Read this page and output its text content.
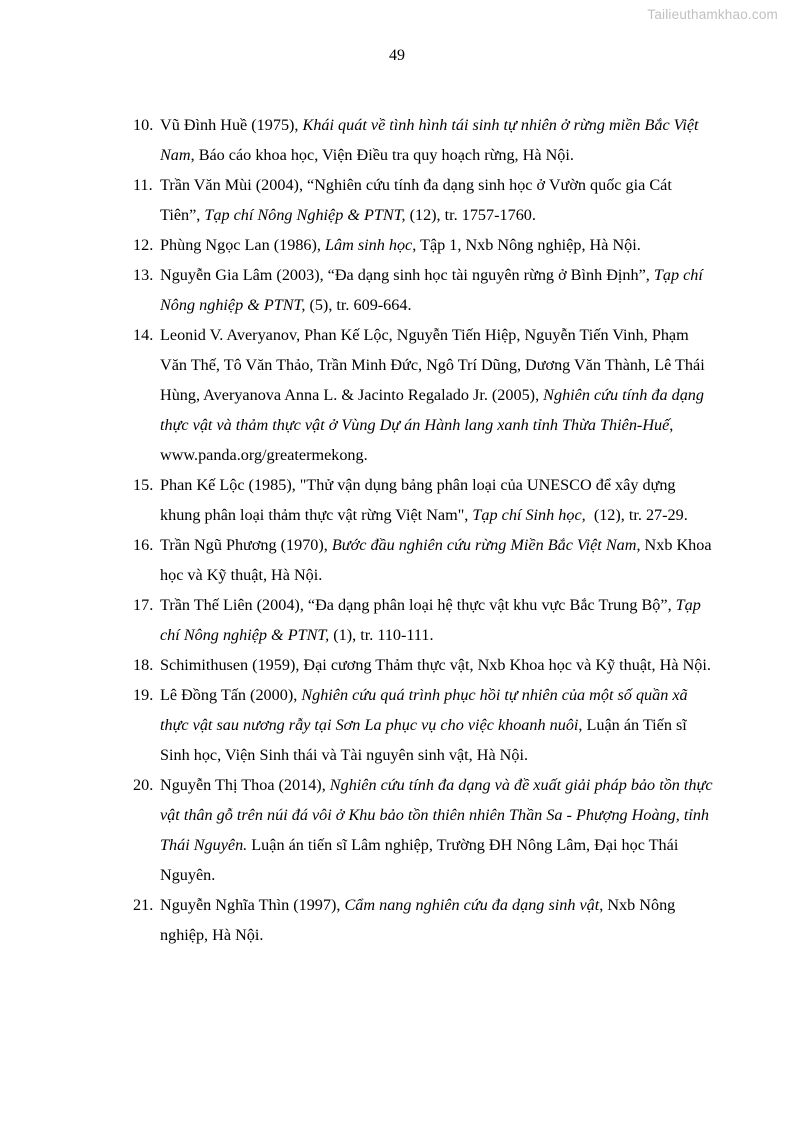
Tailieuthamkhao.com
49
10. Vũ Đình Huề (1975), Khái quát về tình hình tái sinh tự nhiên ở rừng miền Bắc Việt Nam, Báo cáo khoa học, Viện Điều tra quy hoạch rừng, Hà Nội.
11. Trần Văn Mùi (2004), “Nghiên cứu tính đa dạng sinh học ở Vườn quốc gia Cát Tiên”, Tạp chí Nông Nghiệp & PTNT, (12), tr. 1757-1760.
12. Phùng Ngọc Lan (1986), Lâm sinh học, Tập 1, Nxb Nông nghiệp, Hà Nội.
13. Nguyễn Gia Lâm (2003), “Đa dạng sinh học tài nguyên rừng ở Bình Định”, Tạp chí Nông nghiệp & PTNT, (5), tr. 609-664.
14. Leonid V. Averyanov, Phan Kế Lộc, Nguyễn Tiến Hiệp, Nguyễn Tiến Vinh, Phạm Văn Thế, Tô Văn Thảo, Trần Minh Đức, Ngô Trí Dũng, Dương Văn Thành, Lê Thái Hùng, Averyanova Anna L. & Jacinto Regalado Jr. (2005), Nghiên cứu tính đa dạng thực vật và thảm thực vật ở Vùng Dự án Hành lang xanh tỉnh Thừa Thiên-Huế, www.panda.org/greatermekong.
15. Phan Kế Lộc (1985), "Thử vận dụng bảng phân loại của UNESCO để xây dựng khung phân loại thảm thực vật rừng Việt Nam", Tạp chí Sinh học,  (12), tr. 27-29.
16. Trần Ngũ Phương (1970), Bước đầu nghiên cứu rừng Miền Bắc Việt Nam, Nxb Khoa học và Kỹ thuật, Hà Nội.
17. Trần Thế Liên (2004), “Đa dạng phân loại hệ thực vật khu vực Bắc Trung Bộ”, Tạp chí Nông nghiệp & PTNT, (1), tr. 110-111.
18. Schimithusen (1959), Đại cương Thảm thực vật, Nxb Khoa học và Kỹ thuật, Hà Nội.
19. Lê Đồng Tấn (2000), Nghiên cứu quá trình phục hồi tự nhiên của một số quần xã thực vật sau nương rẫy tại Sơn La phục vụ cho việc khoanh nuôi, Luận án Tiến sĩ Sinh học, Viện Sinh thái và Tài nguyên sinh vật, Hà Nội.
20. Nguyễn Thị Thoa (2014), Nghiên cứu tính đa dạng và đề xuất giải pháp bảo tồn thực vật thân gỗ trên núi đá vôi ở Khu bảo tồn thiên nhiên Thần Sa - Phượng Hoàng, tỉnh Thái Nguyên. Luận án tiến sĩ Lâm nghiệp, Trường ĐH Nông Lâm, Đại học Thái Nguyên.
21. Nguyễn Nghĩa Thìn (1997), Cẩm nang nghiên cứu đa dạng sinh vật, Nxb Nông nghiệp, Hà Nội.
